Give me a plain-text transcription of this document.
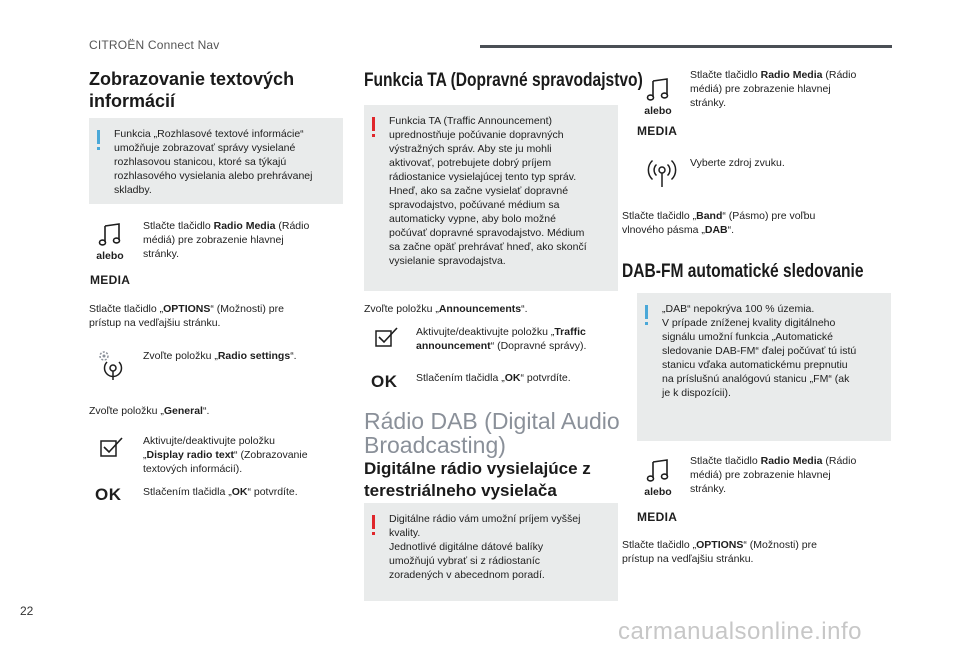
CITROËN Connect Nav
Zobrazovanie textových
informácií
Funkcia „Rozhlasové textové informácie“
umožňuje zobrazovať správy vysielané
rozhlasovou stanicou, ktoré sa týkajú
rozhlasového vysielania alebo prehrávanej
skladby.
alebo
MEDIA
Stlačte tlačidlo Radio Media (Rádio
médiá) pre zobrazenie hlavnej
stránky.
Stlačte tlačidlo „OPTIONS“ (Možnosti) pre
prístup na vedľajšiu stránku.
Zvoľte položku „Radio settings“.
Zvoľte položku „General“.
Aktivujte/deaktivujte položku
„Display radio text“ (Zobrazovanie
textových informácií).
OK Stlačením tlačidla „OK“ potvrdíte.
Funkcia TA (Dopravné spravodajstvo)
Funkcia TA (Traffic Announcement)
uprednostňuje počúvanie dopravných
výstražných správ. Aby ste ju mohli
aktivovať, potrebujete dobrý príjem
rádiostanice vysielajúcej tento typ správ.
Hneď, ako sa začne vysielať dopravné
spravodajstvo, počúvané médium sa
automaticky vypne, aby bolo možné
počúvať dopravné spravodajstvo. Médium
sa začne opäť prehrávať hneď, ako skončí
vysielanie spravodajstva.
Zvoľte položku „Announcements“.
Aktivujte/deaktivujte položku „Traffic
announcement“ (Dopravné správy).
OK Stlačením tlačidla „OK“ potvrdíte.
Rádio DAB (Digital Audio
Broadcasting)
Digitálne rádio vysielajúce z
terestriálneho vysielača
Digitálne rádio vám umožní príjem vyššej
kvality.
Jednotlivé digitálne dátové balíky
umožňujú vybrať si z rádiostaníc
zoradených v abecednom poradí.
alebo
MEDIA
Stlačte tlačidlo Radio Media (Rádio
médiá) pre zobrazenie hlavnej
stránky.
Vyberte zdroj zvuku.
Stlačte tlačidlo „Band“ (Pásmo) pre voľbu
vlnového pásma „DAB“.
DAB-FM automatické sledovanie
„DAB“ nepokrýva 100 % územia.
V prípade zníženej kvality digitálneho
signálu umožní funkcia „Automatické
sledovanie DAB-FM“ ďalej počúvať tú istú
stanicu vďaka automatickému prepnutiu
na príslušnú analógovú stanicu „FM“ (ak
je k dispozícii).
alebo
MEDIA
Stlačte tlačidlo Radio Media (Rádio
médiá) pre zobrazenie hlavnej
stránky.
Stlačte tlačidlo „OPTIONS“ (Možnosti) pre
prístup na vedľajšiu stránku.
22
carmanualsonline.info
